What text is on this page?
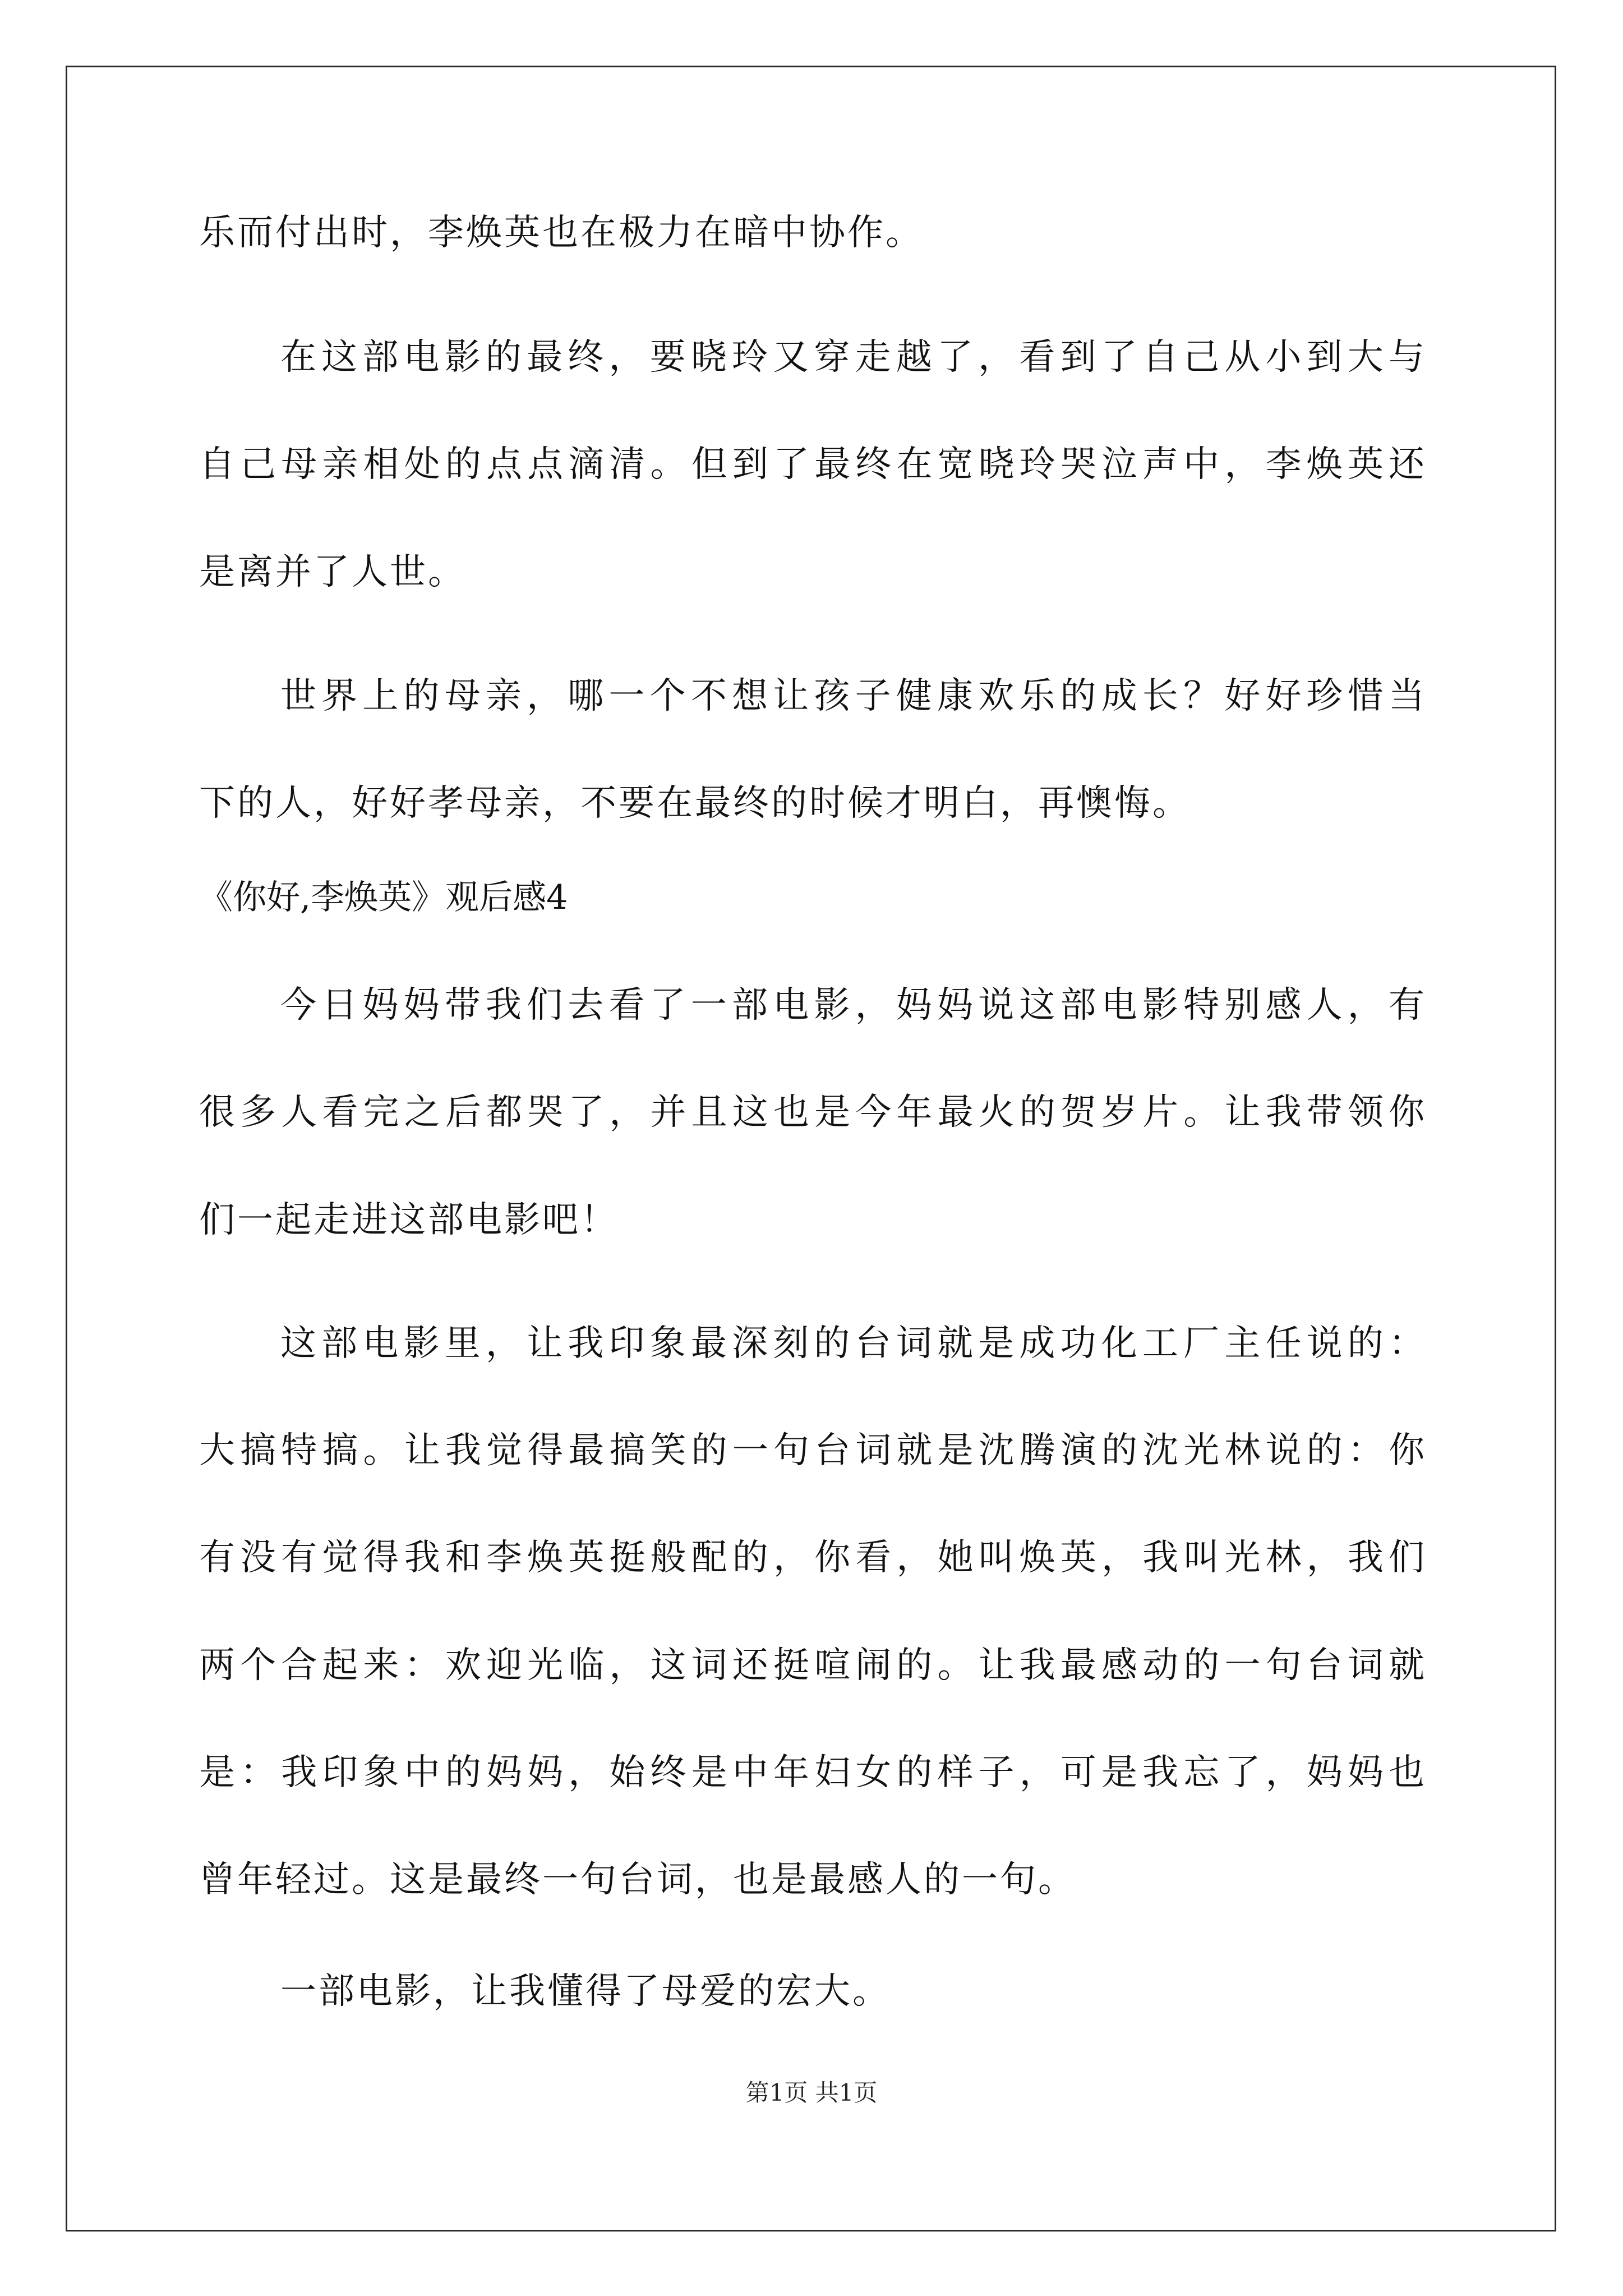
乐而付出时，李焕英也在极力在暗中协作。
在这部电影的最终，要晓玲又穿走越了，看到了自己从小到大与
自己母亲相处的点点滴清。但到了最终在宽晓玲哭泣声中，李焕英还
是离并了人世。
世界上的母亲，哪一个不想让孩子健康欢乐的成长？好好珍惜当
下的人，好好孝母亲，不要在最终的时候才明白，再懊悔。
《你好,李焕英》观后感4
今日妈妈带我们去看了一部电影，妈妈说这部电影特别感人，有
很多人看完之后都哭了，并且这也是今年最火的贺岁片。让我带领你
们一起走进这部电影吧！
这部电影里，让我印象最深刻的台词就是成功化工厂主任说的：
大搞特搞。让我觉得最搞笑的一句台词就是沈腾演的沈光林说的：你
有没有觉得我和李焕英挺般配的，你看，她叫焕英，我叫光林，我们
两个合起来：欢迎光临，这词还挺喧闹的。让我最感动的一句台词就
是：我印象中的妈妈，始终是中年妇女的样子，可是我忘了，妈妈也
曾年轻过。这是最终一句台词，也是最感人的一句。
一部电影，让我懂得了母爱的宏大。
第1页 共1页
